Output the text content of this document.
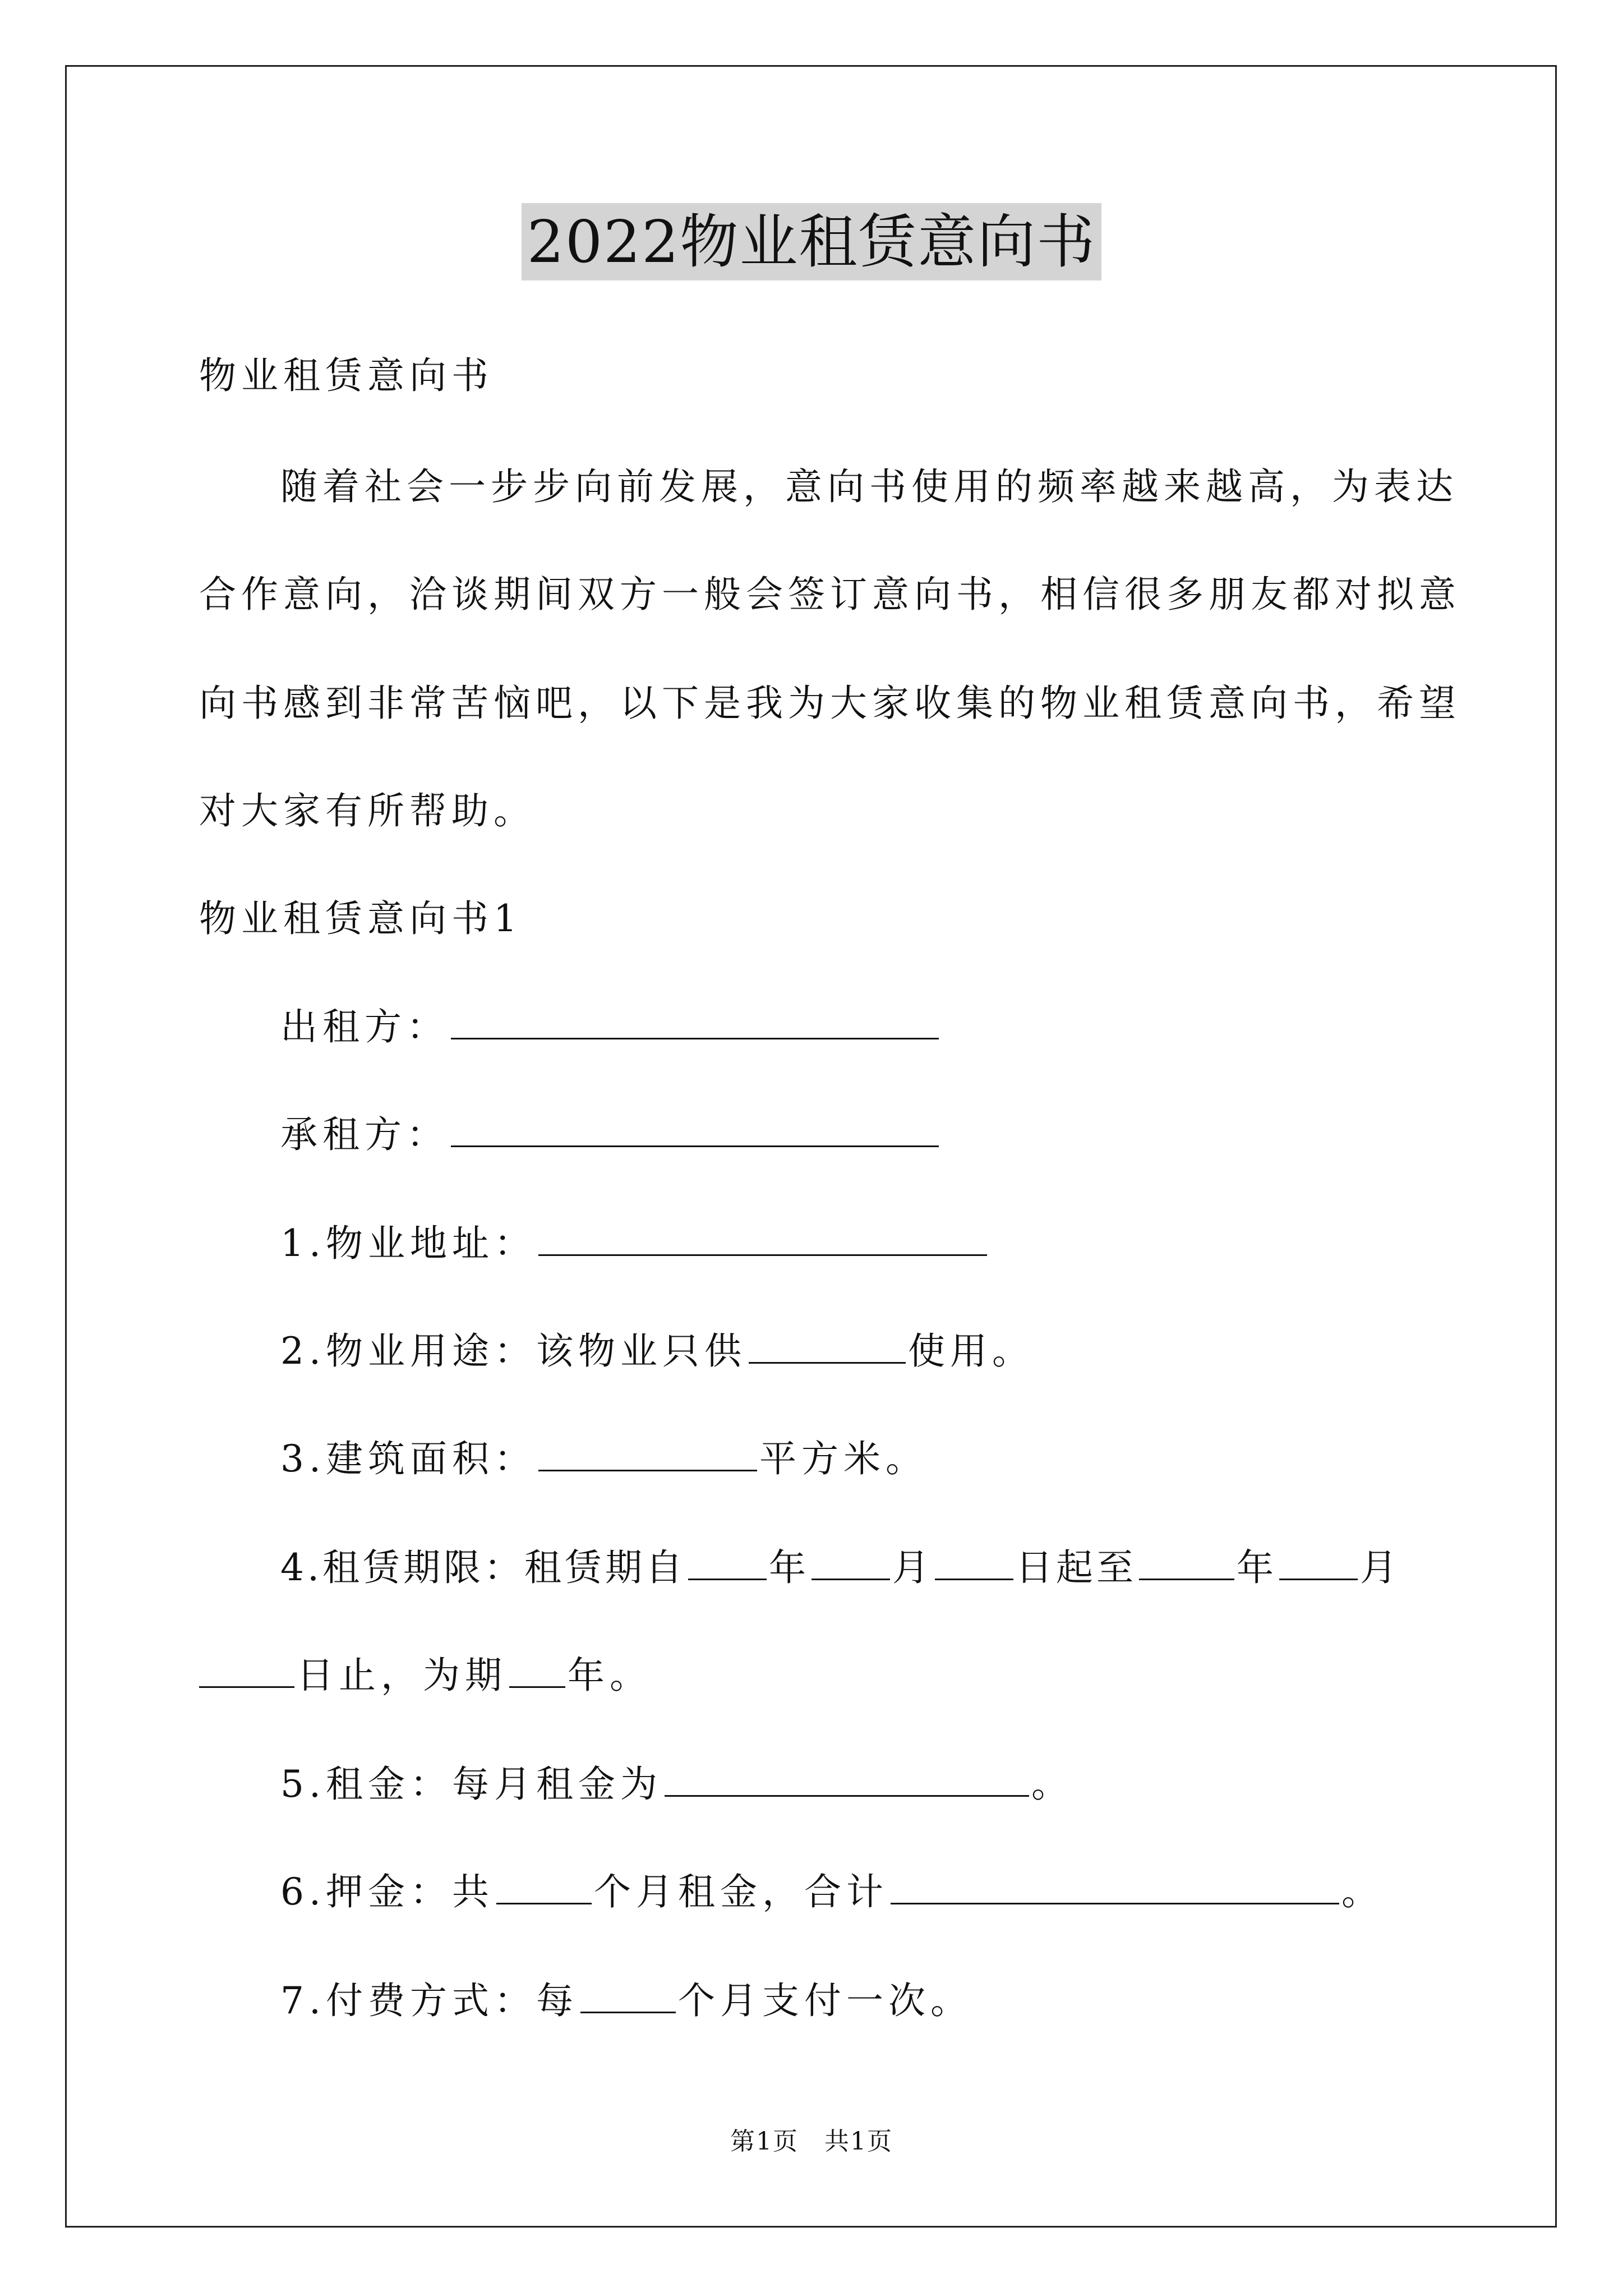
2022物业租赁意向书
物业租赁意向书
随着社会一步步向前发展，意向书使用的频率越来越高，为表达
合作意向，洽谈期间双方一般会签订意向书，相信很多朋友都对拟意
向书感到非常苦恼吧，以下是我为大家收集的物业租赁意向书，希望
对大家有所帮助。
物业租赁意向书1
出租方：
承租方：
1.物业地址：
2.物业用途：该物业只供	使用。
3.建筑面积：	平方米。
4.租赁期限：租赁期自 年 月 日起至	年 月
日止，为期 年。
5.租金：每月租金为	。
6.押金：共	个月租金，合计	。
7.付费方式：每	个月支付一次。
第1页　共1页
